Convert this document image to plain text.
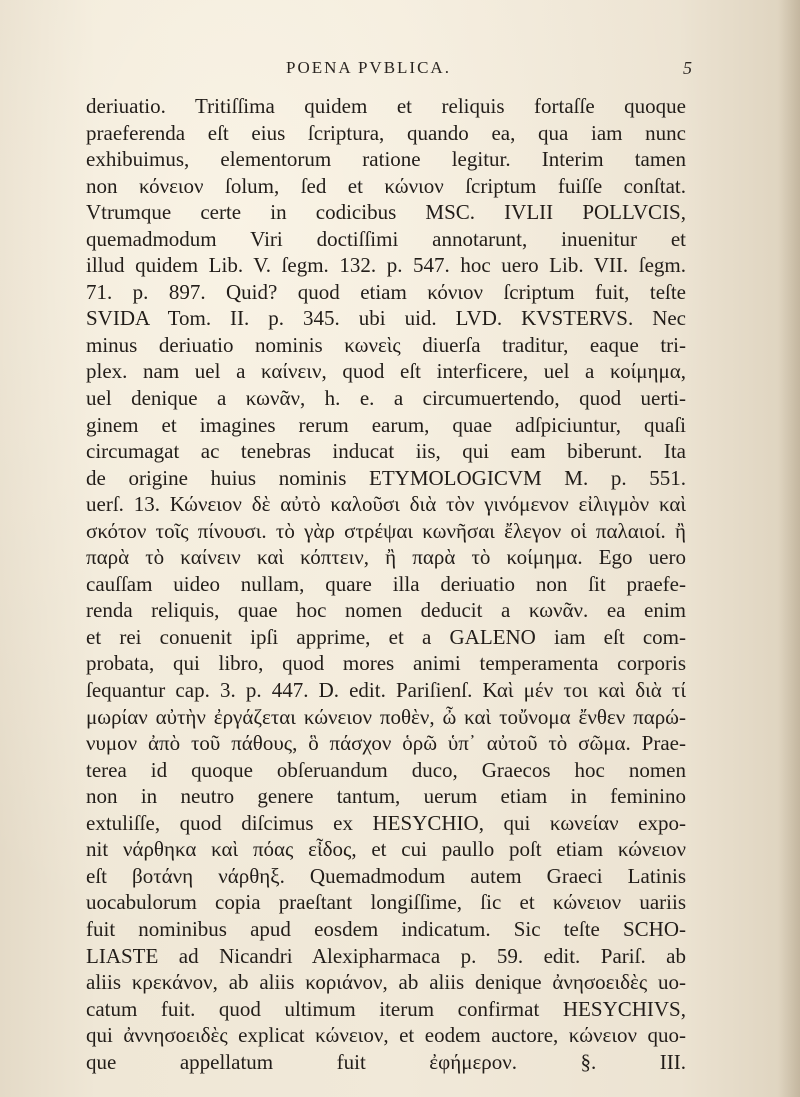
POENA PVBLICA.	5
deriuatio. Tritiſſima quidem et reliquis fortaſſe quoque
praeferenda eſt eius ſcriptura, quando ea, qua iam nunc
exhibuimus, elementorum ratione legitur. Interim tamen
non κόνειον ſolum, ſed et κώνιον ſcriptum fuiſſe conſtat.
Vtrumque certe in codicibus MSC. IVLII POLLVCIS,
quemadmodum Viri doctiſſimi annotarunt, inuenitur et
illud quidem Lib. V. ſegm. 132. p. 547. hoc uero Lib. VII. ſegm.
71. p. 897. Quid? quod etiam κόνιον ſcriptum fuit, teſte
SVIDA Tom. II. p. 345. ubi uid. LVD. KVSTERVS. Nec
minus deriuatio nominis κωνεὶς diuerſa traditur, eaque tri-
plex. nam uel a καίνειν, quod eſt interficere, uel a κοίμημα,
uel denique a κωνᾶν, h. e. a circumuertendo, quod uerti-
ginem et imagines rerum earum, quae adſpiciuntur, quaſi
circumagat ac tenebras inducat iis, qui eam biberunt. Ita
de origine huius nominis ETYMOLOGICVM M. p. 551.
uerſ. 13. Κώνειον δὲ αὐτὸ καλοῦσι διὰ τὸν γινόμενον εἰλιγμὸν καὶ
σκότον τοῖς πίνουσι. τὸ γὰρ στρέψαι κωνῆσαι ἔλεγον οἱ παλαιοί. ἢ
παρὰ τὸ καίνειν καὶ κόπτειν, ἢ παρὰ τὸ κοίμημα. Ego uero
cauſſam uideo nullam, quare illa deriuatio non ſit praefe-
renda reliquis, quae hoc nomen deducit a κωνᾶν. ea enim
et rei conuenit ipſi apprime, et a GALENO iam eſt com-
probata, qui libro, quod mores animi temperamenta corporis
ſequantur cap. 3. p. 447. D. edit. Pariſienſ. Καὶ μέν τοι καὶ διὰ τί
μωρίαν αὐτὴν ἐργάζεται κώνειον ποθὲν, ὦ καὶ τοὔνομα ἔνθεν παρώ-
νυμον ἀπὸ τοῦ πάθους, ὃ πάσχον ὁρῶ ὑπ᾽ αὐτοῦ τὸ σῶμα. Prae-
terea id quoque obſeruandum duco, Graecos hoc nomen
non in neutro genere tantum, uerum etiam in feminino
extuliſſe, quod diſcimus ex HESYCHIO, qui κωνείαν expo-
nit νάρθηκα καὶ πόας εἶδος, et cui paullo poſt etiam κώνειον
eſt βοτάνη νάρθηξ. Quemadmodum autem Graeci Latinis
uocabulorum copia praeſtant longiſſime, ſic et κώνειον uariis
fuit nominibus apud eosdem indicatum. Sic teſte SCHO-
LIASTE ad Nicandri Alexipharmaca p. 59. edit. Pariſ. ab
aliis κρεκάνον, ab aliis κοριάνον, ab aliis denique ἀνησοειδὲς uo-
catum fuit. quod ultimum iterum confirmat HESYCHIVS,
qui ἀννησοειδὲς explicat κώνειον, et eodem auctore, κώνειον quo-
que appellatum fuit ἐφήμερον. §. III.
